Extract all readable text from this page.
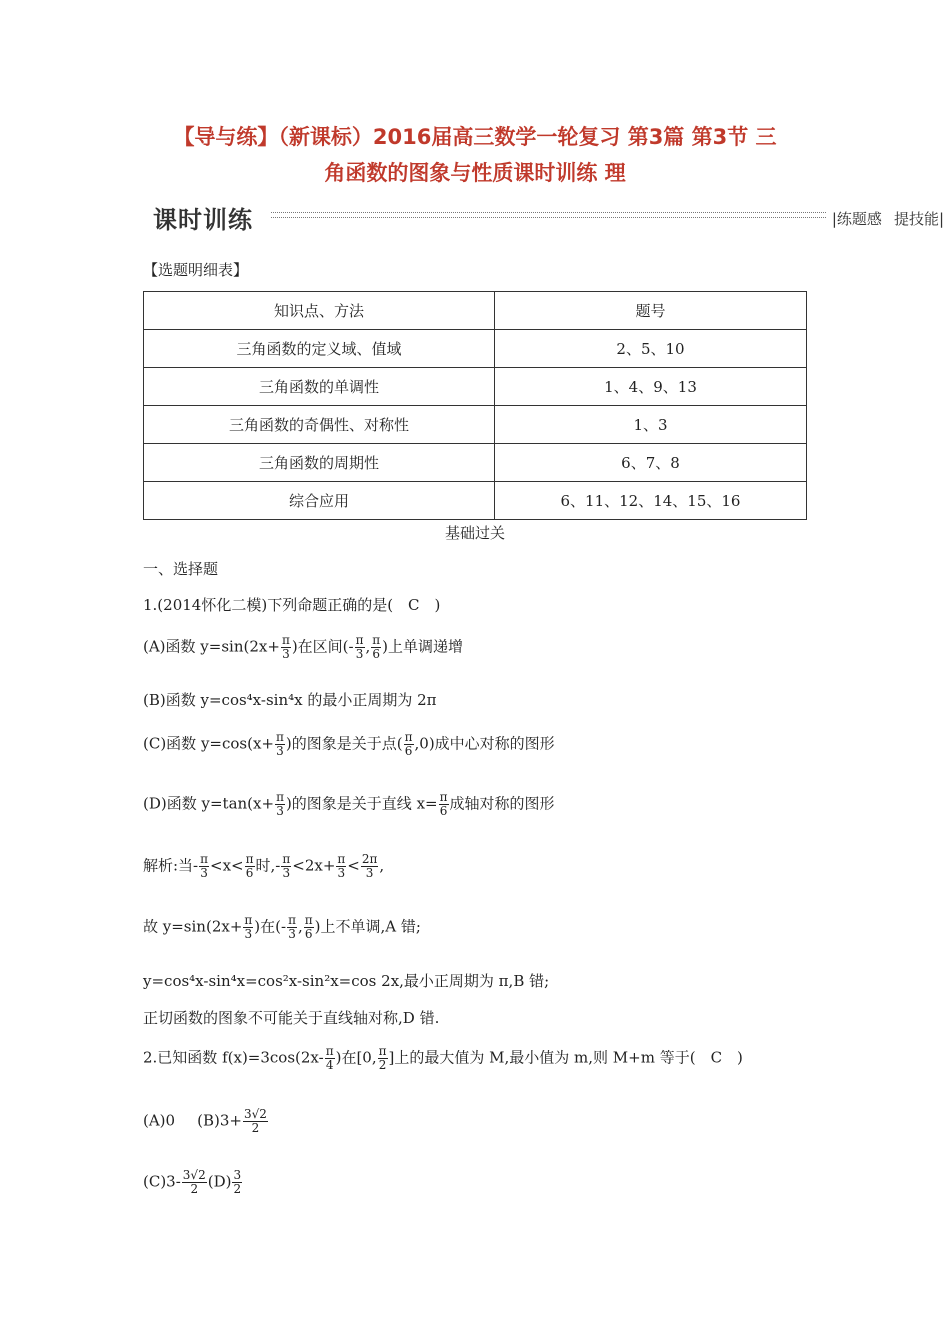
【导与练】（新课标）2016届高三数学一轮复习 第3篇 第3节 三
角函数的图象与性质课时训练 理
课时训练	|练题感 提技能|
【选题明细表】
知识点、方法	题号
三角函数的定义域、值域	2、5、10
三角函数的单调性	1、4、9、13
三角函数的奇偶性、对称性	1、3
三角函数的周期性	6、7、8
综合应用	6、11、12、14、15、16
基础过关
一、选择题
1.(2014怀化二模)下列命题正确的是(　C　)
(A)函数 $y=\sin(2x+ \frac{\pi}{3}$ )在区间(- $\frac{\pi}{3}$ , $\frac{\pi}{6}$ )上单调递增
(B)函数 y=cos⁴x-sin⁴x 的最小正周期为 2π
(C)函数 $y=\cos(x+ \frac{\pi}{3}$ )的图象是关于点( $\frac{\pi}{6} ,0$)成中心对称的图形
(D)函数 $y=\tan(x+ \frac{\pi}{3}$ )的图象是关于直线 $x= \frac{\pi}{6}$ 成轴对称的图形
解析:当- $\frac{\pi}{3} <x< \frac{\pi}{6}$ 时,- $\frac{\pi}{3} <2x+ \frac{\pi}{3} < \frac{2\pi}{3}$ ,
故 $y=\sin(2x+ \frac{\pi}{3}$ )在(- $\frac{\pi}{3}$ , $\frac{\pi}{6}$ )上不单调,A 错;
y=cos⁴x-sin⁴x=cos²x-sin²x=cos 2x,最小正周期为 π,B 错;
正切函数的图象不可能关于直线轴对称,D 错.
2.已知函数 $f(x)=3\cos(2x- \frac{\pi}{4}$ )在[0, $\frac{\pi}{2}$ ]上的最大值为 M,最小值为 m,则 M+m 等于(　C　)
(A)0 $(B)3+ \frac{3√2}{2}$
$(C)3- \frac{3√2}{2} (D) \frac{3}{2}$
